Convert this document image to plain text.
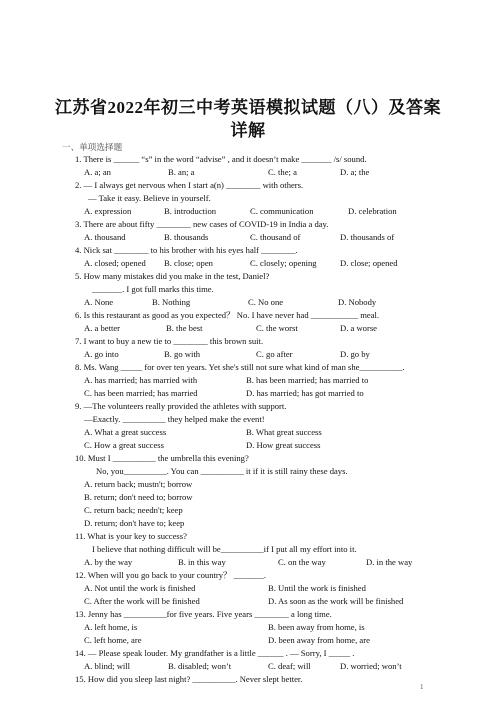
江苏省2022年初三中考英语模拟试题（八）及答案
详解
一、单项选择题
1. There is ______ “s” in the word “advise” , and it doesn’t make _______ /s/ sound.
A. a; an	B. an; a	C. the; a	D. a; the
2. — I always get nervous when I start a(n) ________ with others.
— Take it easy. Believe in yourself.
A. expression	B. introduction	C. communication	D. celebration
3. There are about fifty ________ new cases of COVID-19 in India a day.
A. thousand	B. thousands	C. thousand of	D. thousands of
4. Nick sat ________ to his brother with his eyes half ________.
A. closed; opened B. close; open	C. closely; opening	D. close; opened
5. How many mistakes did you make in the test, Daniel?
_______. I got full marks this time.
A. None	B. Nothing	C. No one	D. Nobody
6. Is this restaurant as good as you expected？ No. I have never had ___________ meal.
A. a better	B. the best	C. the worst	D. a worse
7. I want to buy a new tie to ________ this brown suit.
A. go into	B. go with	C. go after	D. go by
8. Ms. Wang _____ for over ten years. Yet she's still not sure what kind of man she__________.
A. has married; has married with	B. has been married; has married to
C. has been married; has married	D. has married; has got married to
9. —The volunteers really provided the athletes with support.
—Exactly. __________ they helped make the event!
A. What a great success	B. What great success
C. How a great success	D. How great success
10. Must I __________ the umbrella this evening?
No, you__________. You can __________ it if it is still rainy these days.
A. return back; mustn't; borrow
B. return; don't need to; borrow
C. return back; needn't; keep
D. return; don't have to; keep
11. What is your key to success?
I believe that nothing difficult will be__________if I put all my effort into it.
A. by the way	B. in this way	C. on the way	D. in the way
12. When will you go back to your country？ _______.
A. Not until the work is finished	B. Until the work is finished
C. After the work will be finished	D. As soon as the work will be finished
13. Jenny has __________for five years. Five years ________ a long time.
A. left home, is	B. been away from home, is
C. left home, are	D. been away from home, are
14. — Please speak louder. My grandfather is a little ______ . — Sorry, I _____ .
A. blind; will	B. disabled; won’t	C. deaf; will	D. worried; won’t
15. How did you sleep last night? __________. Never slept better.
1
